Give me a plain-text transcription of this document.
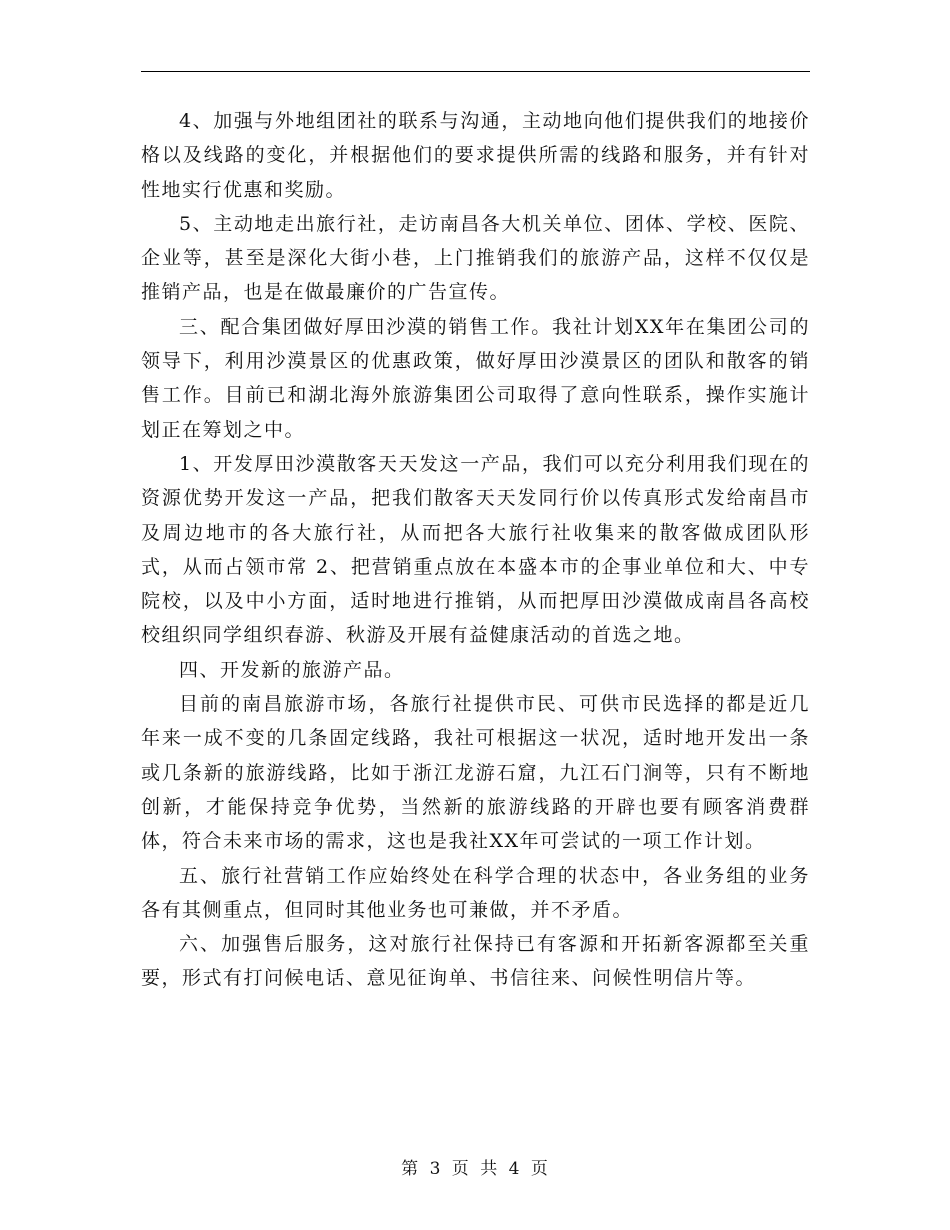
4、加强与外地组团社的联系与沟通，主动地向他们提供我们的地接价格以及线路的变化，并根据他们的要求提供所需的线路和服务，并有针对性地实行优惠和奖励。

5、主动地走出旅行社，走访南昌各大机关单位、团体、学校、医院、企业等，甚至是深化大街小巷，上门推销我们的旅游产品，这样不仅仅是推销产品，也是在做最廉价的广告宣传。

三、配合集团做好厚田沙漠的销售工作。我社计划XX年在集团公司的领导下，利用沙漠景区的优惠政策，做好厚田沙漠景区的团队和散客的销售工作。目前已和湖北海外旅游集团公司取得了意向性联系，操作实施计划正在筹划之中。

1、开发厚田沙漠散客天天发这一产品，我们可以充分利用我们现在的资源优势开发这一产品，把我们散客天天发同行价以传真形式发给南昌市及周边地市的各大旅行社，从而把各大旅行社收集来的散客做成团队形式，从而占领市常 2、把营销重点放在本盛本市的企事业单位和大、中专院校，以及中小方面，适时地进行推销，从而把厚田沙漠做成南昌各高校校组织同学组织春游、秋游及开展有益健康活动的首选之地。

四、开发新的旅游产品。

目前的南昌旅游市场，各旅行社提供市民、可供市民选择的都是近几年来一成不变的几条固定线路，我社可根据这一状况，适时地开发出一条或几条新的旅游线路，比如于浙江龙游石窟，九江石门涧等，只有不断地创新，才能保持竞争优势，当然新的旅游线路的开辟也要有顾客消费群体，符合未来市场的需求，这也是我社XX年可尝试的一项工作计划。

五、旅行社营销工作应始终处在科学合理的状态中，各业务组的业务各有其侧重点，但同时其他业务也可兼做，并不矛盾。

六、加强售后服务，这对旅行社保持已有客源和开拓新客源都至关重要，形式有打问候电话、意见征询单、书信往来、问候性明信片等。

第 3 页 共 4 页
